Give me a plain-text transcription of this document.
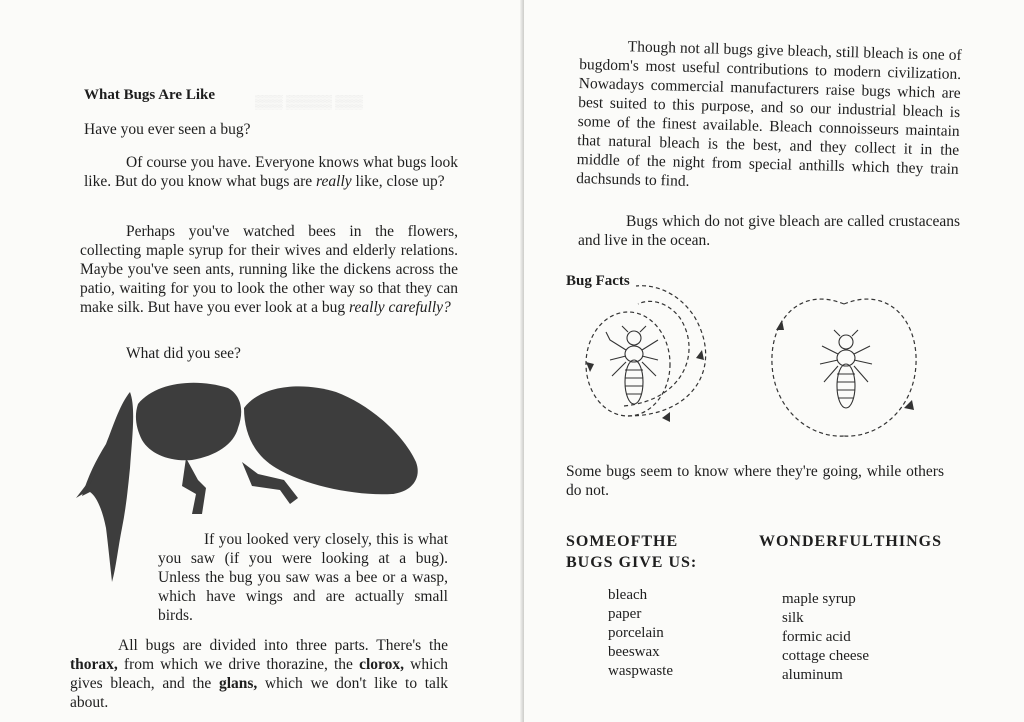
▒▒▒ ▒▒▒▒▒ ▒▒▒

What Bugs Are Like

Have you ever seen a bug?

Of course you have. Everyone knows what bugs look like. But do you know what bugs are really like, close up?

Perhaps you've watched bees in the flowers, collecting maple syrup for their wives and elderly relations. Maybe you've seen ants, running like the dickens across the patio, waiting for you to look the other way so that they can make silk. But have you ever look at a bug really carefully?

What did you see?

If you looked very closely, this is what you saw (if you were looking at a bug). Unless the bug you saw was a bee or a wasp, which have wings and are actually small birds.

All bugs are divided into three parts. There's the thorax, from which we drive thorazine, the clorox, which gives bleach, and the glans, which we don't like to talk about.

Though not all bugs give bleach, still bleach is one of bugdom's most useful contributions to modern civilization. Nowadays commercial manufacturers raise bugs which are best suited to this purpose, and so our industrial bleach is some of the finest available. Bleach connoisseurs maintain that natural bleach is the best, and they collect it in the middle of the night from special anthills which they train dachsunds to find.

Bugs which do not give bleach are called crustaceans and live in the ocean.

Bug Facts

Some bugs seem to know where they're going, while others do not.

SOME OF THE	WONDERFUL THINGS
BUGS GIVE US:
bleach
paper
porcelain
beeswax
waspwaste
maple syrup
silk
formic acid
cottage cheese
aluminum
